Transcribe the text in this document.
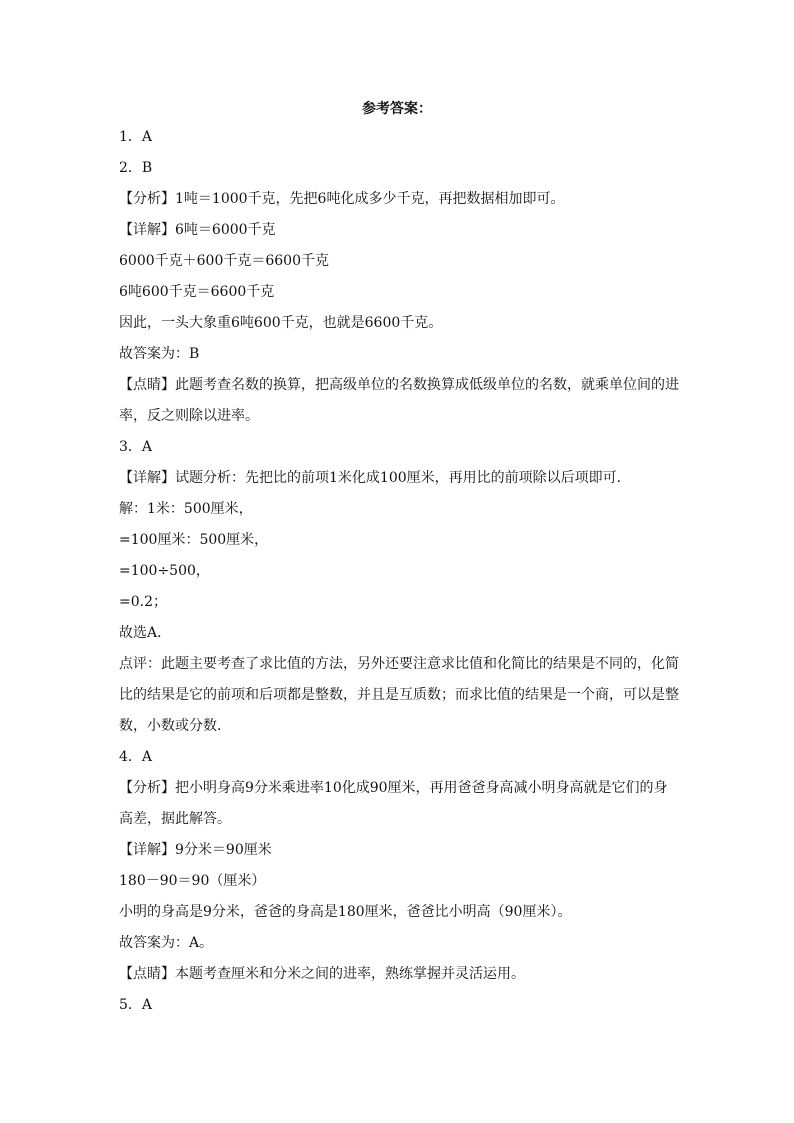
参考答案：
1．A
2．B
【分析】1吨＝1000千克，先把6吨化成多少千克，再把数据相加即可。
【详解】6吨＝6000千克
6000千克＋600千克＝6600千克
6吨600千克＝6600千克
因此，一头大象重6吨600千克，也就是6600千克。
故答案为：B
【点睛】此题考查名数的换算，把高级单位的名数换算成低级单位的名数，就乘单位间的进
率，反之则除以进率。
3．A
【详解】试题分析：先把比的前项1米化成100厘米，再用比的前项除以后项即可．
解：1米：500厘米，
=100厘米：500厘米，
=100÷500，
=0.2；
故选A．
点评：此题主要考查了求比值的方法，另外还要注意求比值和化简比的结果是不同的，化简
比的结果是它的前项和后项都是整数，并且是互质数；而求比值的结果是一个商，可以是整
数，小数或分数．
4．A
【分析】把小明身高9分米乘进率10化成90厘米，再用爸爸身高减小明身高就是它们的身
高差，据此解答。
【详解】9分米＝90厘米
180－90＝90（厘米）
小明的身高是9分米，爸爸的身高是180厘米，爸爸比小明高（90厘米）。
故答案为：A。
【点睛】本题考查厘米和分米之间的进率，熟练掌握并灵活运用。
5．A
